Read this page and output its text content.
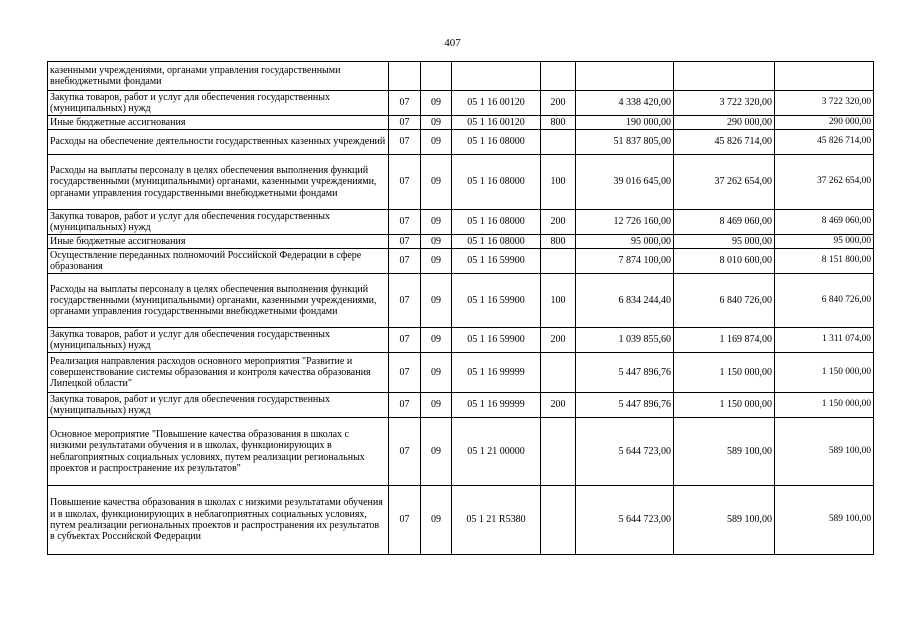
407
казенными учреждениями, органами управления государственными внебюджетными фондами							
Закупка товаров, работ и услуг для обеспечения государственных (муниципальных) нужд	07	09	05 1 16 00120	200	4 338 420,00	3 722 320,00	3 722 320,00
Иные бюджетные ассигнования	07	09	05 1 16 00120	800	190 000,00	290 000,00	290 000,00
Расходы на обеспечение деятельности государственных казенных учреждений	07	09	05 1 16 08000		51 837 805,00	45 826 714,00	45 826 714,00
Расходы на выплаты персоналу в целях обеспечения выполнения функций государственными (муниципальными) органами, казенными учреждениями, органами управления государственными внебюджетными фондами	07	09	05 1 16 08000	100	39 016 645,00	37 262 654,00	37 262 654,00
Закупка товаров, работ и услуг для обеспечения государственных (муниципальных) нужд	07	09	05 1 16 08000	200	12 726 160,00	8 469 060,00	8 469 060,00
Иные бюджетные ассигнования	07	09	05 1 16 08000	800	95 000,00	95 000,00	95 000,00
Осуществление переданных полномочий Российской Федерации в сфере образования	07	09	05 1 16 59900		7 874 100,00	8 010 600,00	8 151 800,00
Расходы на выплаты персоналу в целях обеспечения выполнения функций государственными (муниципальными) органами, казенными учреждениями, органами управления государственными внебюджетными фондами	07	09	05 1 16 59900	100	6 834 244,40	6 840 726,00	6 840 726,00
Закупка товаров, работ и услуг для обеспечения государственных (муниципальных) нужд	07	09	05 1 16 59900	200	1 039 855,60	1 169 874,00	1 311 074,00
Реализация направления расходов основного мероприятия "Развитие и совершенствование системы образования и контроля качества образования Липецкой области"	07	09	05 1 16 99999		5 447 896,76	1 150 000,00	1 150 000,00
Закупка товаров, работ и услуг для обеспечения государственных (муниципальных) нужд	07	09	05 1 16 99999	200	5 447 896,76	1 150 000,00	1 150 000,00
Основное мероприятие "Повышение качества образования в школах с низкими результатами обучения и в школах, функционирующих в неблагоприятных социальных условиях, путем реализации региональных проектов и распространение их результатов"	07	09	05 1 21 00000		5 644 723,00	589 100,00	589 100,00
Повышение качества образования в школах с низкими результатами обучения и в школах, функционирующих в неблагоприятных социальных условиях, путем реализации региональных проектов и распространения их результатов в субъектах Российской Федерации	07	09	05 1 21 R5380		5 644 723,00	589 100,00	589 100,00
